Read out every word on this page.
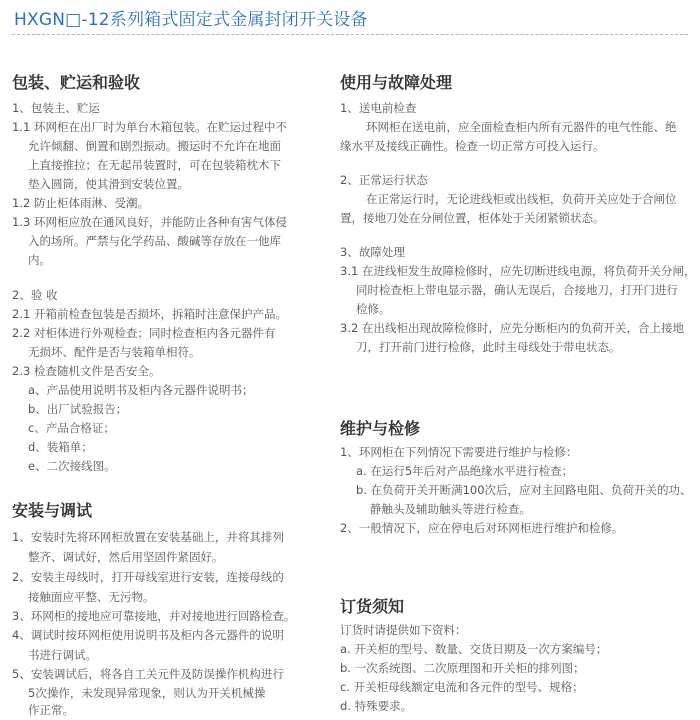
HXGN□-12系列箱式固定式金属封闭开关设备
包装、贮运和验收
1、包装主、贮运
1.1 环网柜在出厂时为单台木箱包装。在贮运过程中不
允许倾翻、倒置和剧烈振动。搬运时不允许在地面
上直接推拉；在无起吊装置时，可在包装箱枕木下
垫入圆筒，使其滑到安装位置。
1.2 防止柜体雨淋、受潮。
1.3 环网柜应放在通风良好，并能防止各种有害气体侵
入的场所。严禁与化学药品、酸碱等存放在一他库
内。
2、验 收
2.1 开箱前检查包装是否损坏，拆箱时注意保护产品。
2.2 对柜体进行外观检查；同时检查柜内各元器件有
无损坏、配件是否与装箱单相符。
2.3 检查随机文件是否安全。
a、产品使用说明书及柜内各元器件说明书；
b、出厂试验报告；
c、产品合格证；
d、装箱单；
e、二次接线图。
安装与调试
1、安装时先将环网柜放置在安装基础上，并将其排列
整齐、调试好，然后用坚固件紧固好。
2、安装主母线时，打开母线室进行安装，连接母线的
接触面应平整、无污物。
3、环网柜的接地应可靠接地，并对接地进行回路检查。
4、调试时按环网柜使用说明书及柜内各元器件的说明
书进行调试。
5、安装调试后，将各自工关元件及防误操作机构进行
5次操作，未发现异常现象，则认为开关机械操
作正常。
使用与故障处理
1、送电前检查
环网柜在送电前，应全面检查柜内所有元器件的电气性能、绝
缘水平及接线正确性。检查一切正常方可投入运行。
2、正常运行状态
在正常运行时，无论进线柜或出线柜，负荷开关应处于合闸位
置，接地刀处在分闸位置，柜体处于关闭紧锁状态。
3、故障处理
3.1 在进线柜发生故障检修时，应先切断进线电源，将负荷开关分闸，
同时检查柜上带电显示器，确认无误后，合接地刀，打开门进行
检修。
3.2 在出线柜出现故障检修时，应先分断柜内的负荷开关，合上接地
刀，打开前门进行检修，此时主母线处于带电状态。
维护与检修
1、环网柜在下列情况下需要进行维护与检修：
a. 在运行5年后对产品绝缘水平进行检查；
b. 在负荷开关开断满100次后，应对主回路电阻、负荷开关的功、
静触头及辅助触头等进行检查。
2、一般情况下，应在停电后对环网柜进行维护和检修。
订货须知
订货时请提供如下资料：
a. 开关柜的型号、数量、交货日期及一次方案编号；
b. 一次系统图、二次原理图和开关柜的排列图；
c. 开关柜母线额定电流和各元件的型号、规格；
d. 特殊要求。
